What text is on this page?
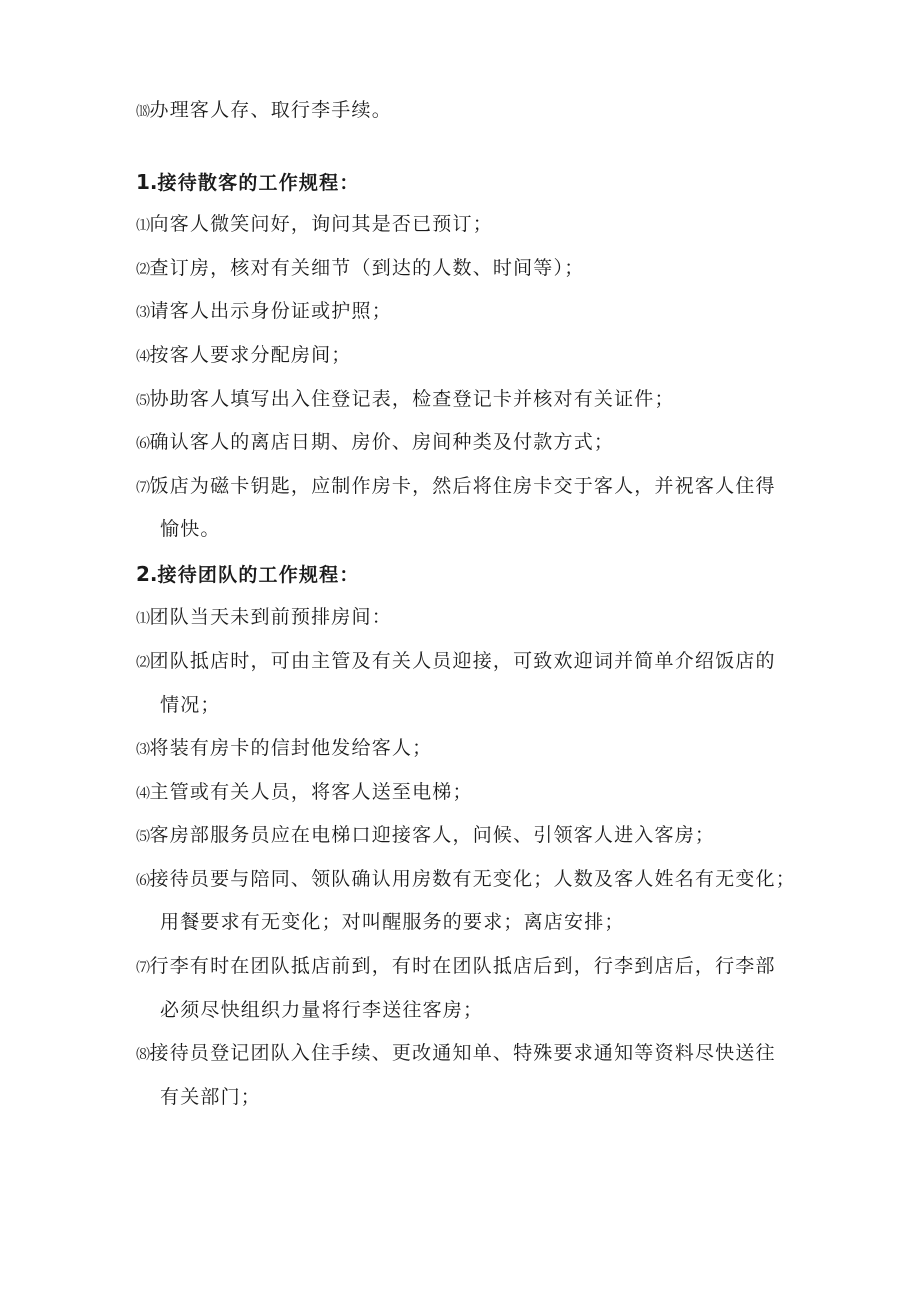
⒅办理客人存、取行李手续。
1.接待散客的工作规程：
⑴向客人微笑问好，询问其是否已预订；
⑵查订房，核对有关细节（到达的人数、时间等）；
⑶请客人出示身份证或护照；
⑷按客人要求分配房间；
⑸协助客人填写出入住登记表，检查登记卡并核对有关证件；
⑹确认客人的离店日期、房价、房间种类及付款方式；
⑺饭店为磁卡钥匙，应制作房卡，然后将住房卡交于客人，并祝客人住得
愉快。
2.接待团队的工作规程：
⑴团队当天未到前预排房间：
⑵团队抵店时，可由主管及有关人员迎接，可致欢迎词并简单介绍饭店的
情况；
⑶将装有房卡的信封他发给客人；
⑷主管或有关人员，将客人送至电梯；
⑸客房部服务员应在电梯口迎接客人，问候、引领客人进入客房；
⑹接待员要与陪同、领队确认用房数有无变化；人数及客人姓名有无变化；
用餐要求有无变化；对叫醒服务的要求；离店安排；
⑺行李有时在团队抵店前到，有时在团队抵店后到，行李到店后，行李部
必须尽快组织力量将行李送往客房；
⑻接待员登记团队入住手续、更改通知单、特殊要求通知等资料尽快送往
有关部门；
